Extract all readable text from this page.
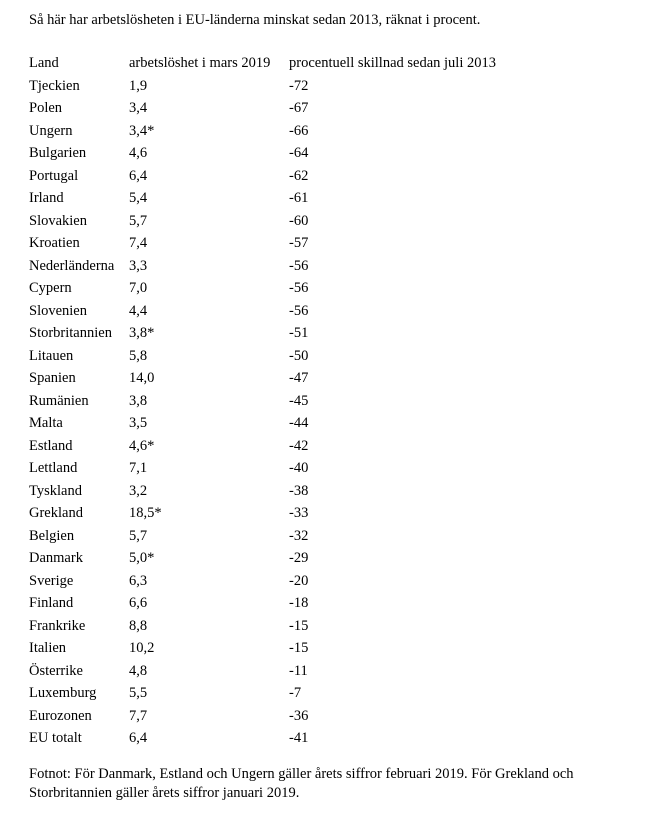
Så här har arbetslösheten i EU-länderna minskat sedan 2013, räknat i procent.
Land	arbetslöshet i mars 2019	procentuell skillnad sedan juli 2013
Tjeckien	1,9	-72
Polen	3,4	-67
Ungern	3,4*	-66
Bulgarien	4,6	-64
Portugal	6,4	-62
Irland	5,4	-61
Slovakien	5,7	-60
Kroatien	7,4	-57
Nederländerna	3,3	-56
Cypern	7,0	-56
Slovenien	4,4	-56
Storbritannien	3,8*	-51
Litauen	5,8	-50
Spanien	14,0	-47
Rumänien	3,8	-45
Malta	3,5	-44
Estland	4,6*	-42
Lettland	7,1	-40
Tyskland	3,2	-38
Grekland	18,5*	-33
Belgien	5,7	-32
Danmark	5,0*	-29
Sverige	6,3	-20
Finland	6,6	-18
Frankrike	8,8	-15
Italien	10,2	-15
Österrike	4,8	-11
Luxemburg	5,5	-7
Eurozonen	7,7	-36
EU totalt	6,4	-41
Fotnot: För Danmark, Estland och Ungern gäller årets siffror februari 2019. För Grekland och Storbritannien gäller årets siffror januari 2019.
